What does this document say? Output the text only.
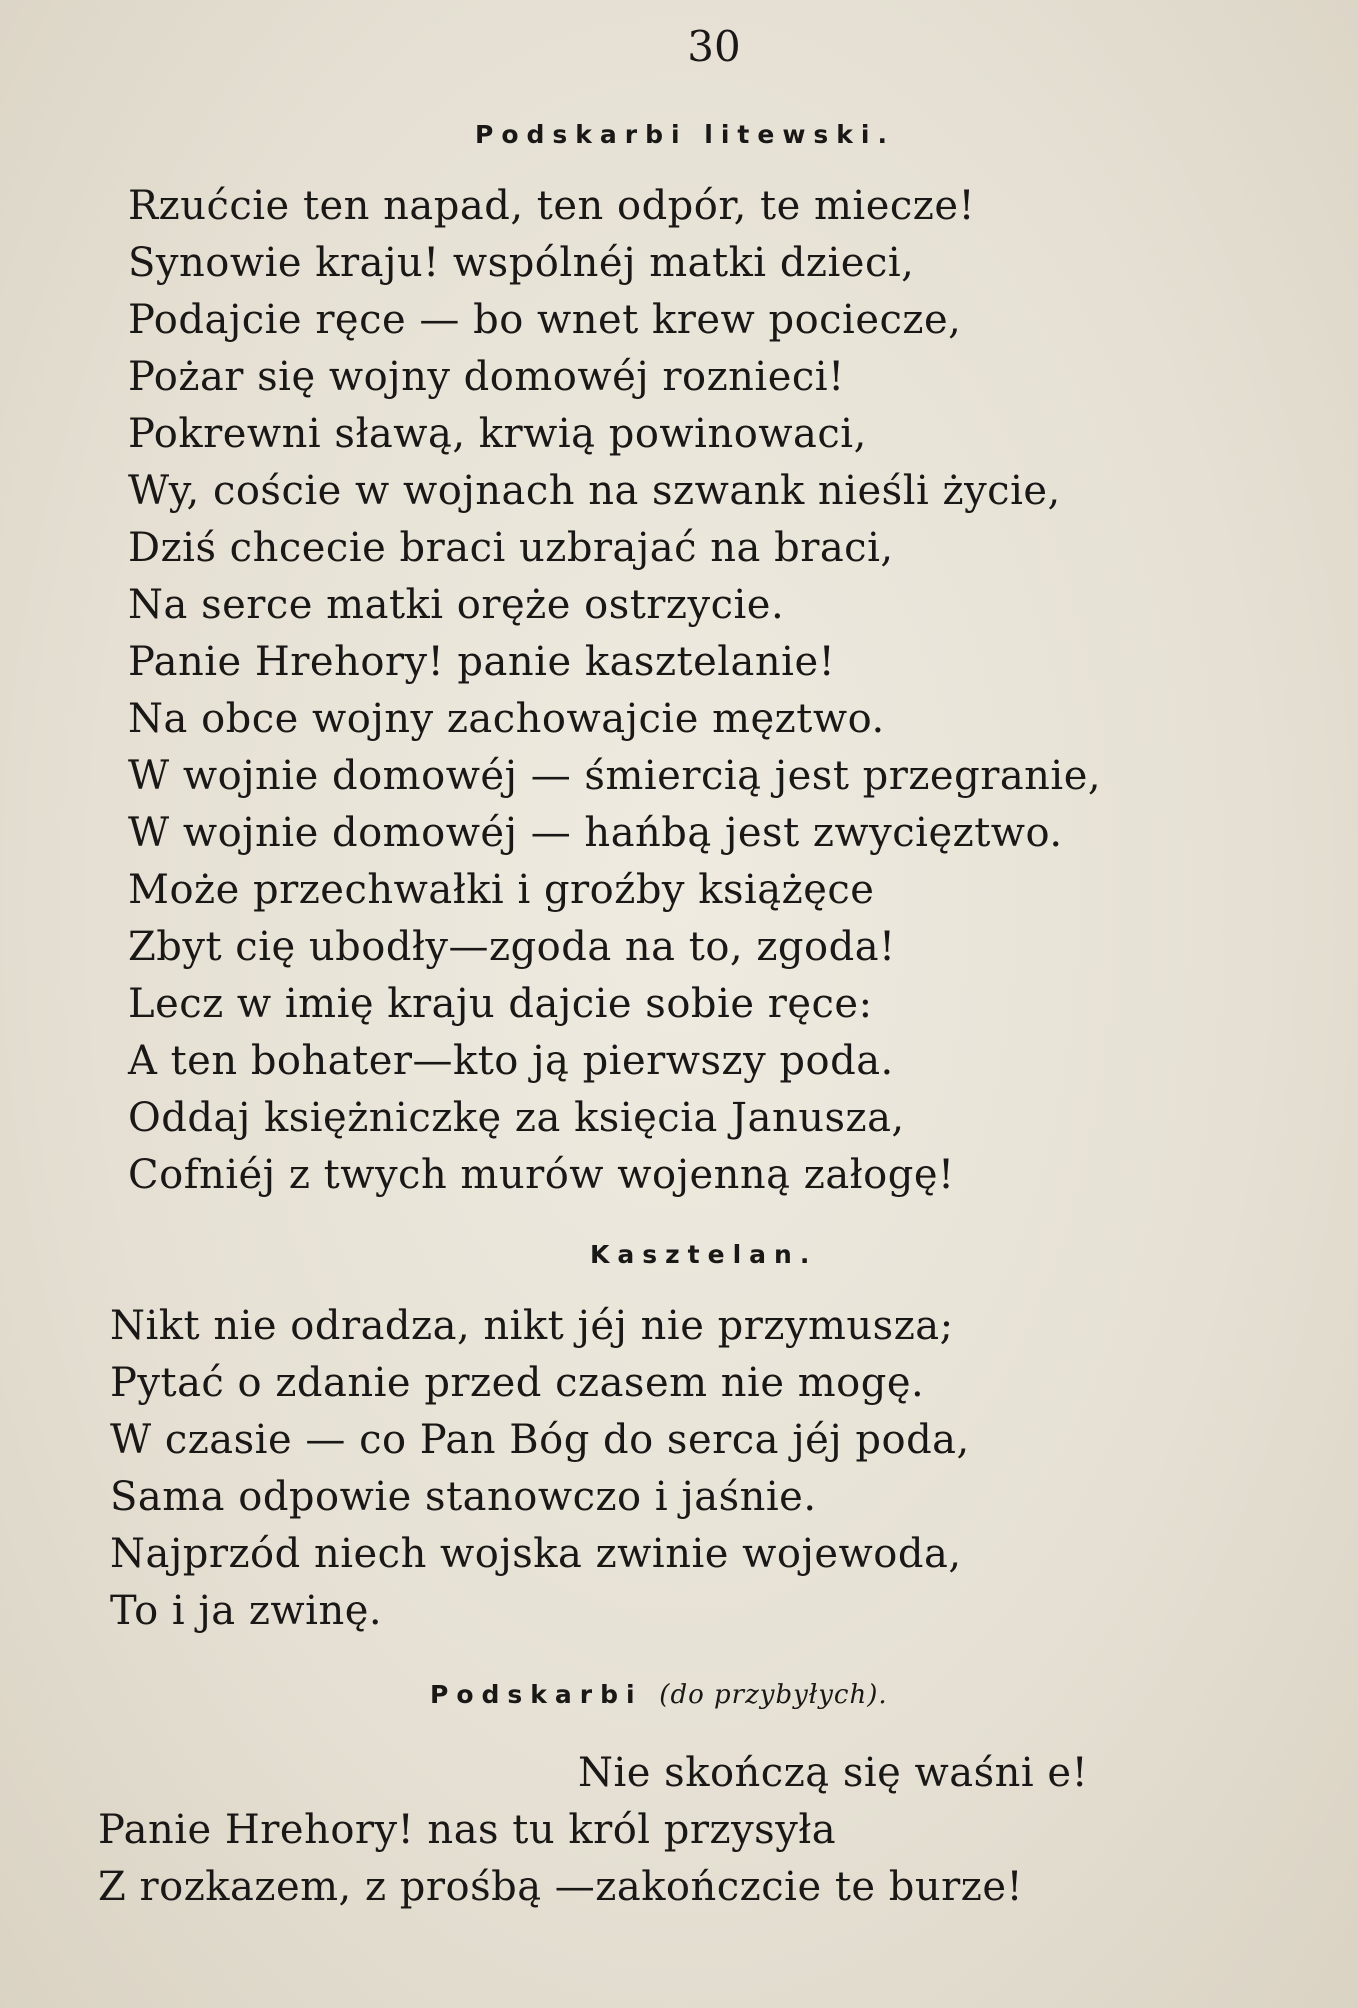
30
Podskarbi litewski.
Rzućcie ten napad, ten odpór, te miecze!
Synowie kraju! wspólnéj matki dzieci,
Podajcie ręce — bo wnet krew pociecze,
Pożar się wojny domowéj roznieci!
Pokrewni sławą, krwią powinowaci,
Wy, coście w wojnach na szwank nieśli życie,
Dziś chcecie braci uzbrajać na braci,
Na serce matki oręże ostrzycie.
Panie Hrehory! panie kasztelanie!
Na obce wojny zachowajcie męztwo.
W wojnie domowéj — śmiercią jest przegranie,
W wojnie domowéj — hańbą jest zwycięztwo.
Może przechwałki i groźby książęce
Zbyt cię ubodły—zgoda na to, zgoda!
Lecz w imię kraju dajcie sobie ręce:
A ten bohater—kto ją pierwszy poda.
Oddaj księżniczkę za księcia Janusza,
Cofniéj z twych murów wojenną załogę!
Kasztelan.
Nikt nie odradza, nikt jéj nie przymusza;
Pytać o zdanie przed czasem nie mogę.
W czasie — co Pan Bóg do serca jéj poda,
Sama odpowie stanowczo i jaśnie.
Najprzód niech wojska zwinie wojewoda,
To i ja zwinę.
Podskarbi (do przybyłych).
Nie skończą się waśni e!
Panie Hrehory! nas tu król przysyła
Z rozkazem, z prośbą —zakończcie te burze!
